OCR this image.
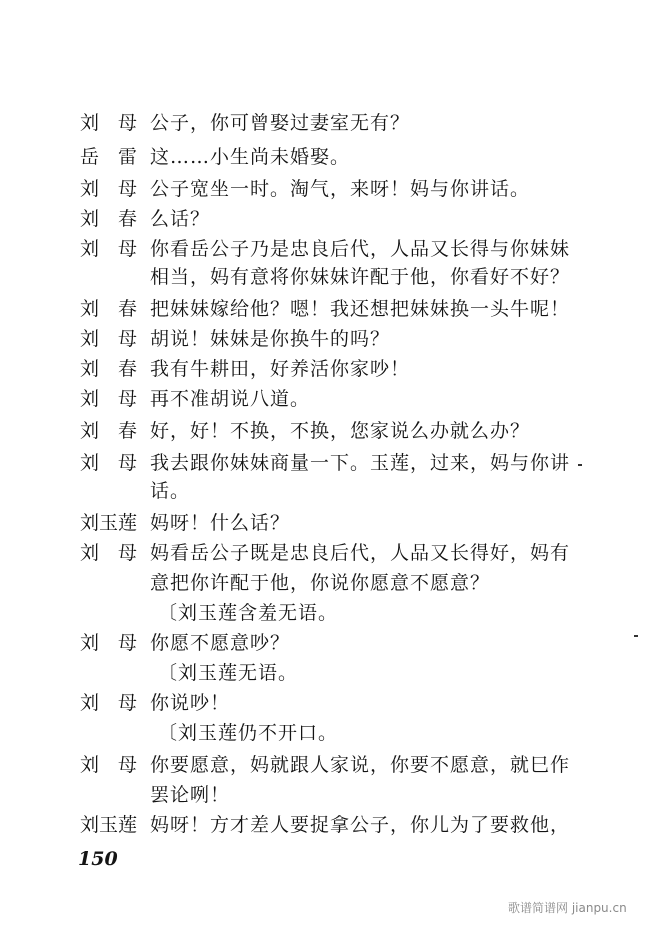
刘　母 公子，你可曾娶过妻室无有？
岳　雷 这……小生尚未婚娶。
刘　母 公子宽坐一时。淘气，来呀！妈与你讲话。
刘　春 么话？
刘　母 你看岳公子乃是忠良后代，人品又长得与你妹妹
相当，妈有意将你妹妹许配于他，你看好不好？
刘　春 把妹妹嫁给他？嗯！我还想把妹妹换一头牛呢！
刘　母 胡说！妹妹是你换牛的吗？
刘　春 我有牛耕田，好养活你家吵！
刘　母 再不准胡说八道。
刘　春 好，好！不换，不换，您家说么办就么办？
刘　母 我去跟你妹妹商量一下。玉莲，过来，妈与你讲
话。
刘玉莲 妈呀！什么话？
刘　母 妈看岳公子既是忠良后代，人品又长得好，妈有
意把你许配于他，你说你愿意不愿意？
〔刘玉莲含羞无语。
刘　母 你愿不愿意吵？
〔刘玉莲无语。
刘　母 你说吵！
〔刘玉莲仍不开口。
刘　母 你要愿意，妈就跟人家说，你要不愿意，就巳作
罢论咧！
刘玉莲 妈呀！方才差人要捉拿公子，你儿为了要救他，
150
歌谱简谱网 jianpu.cn
